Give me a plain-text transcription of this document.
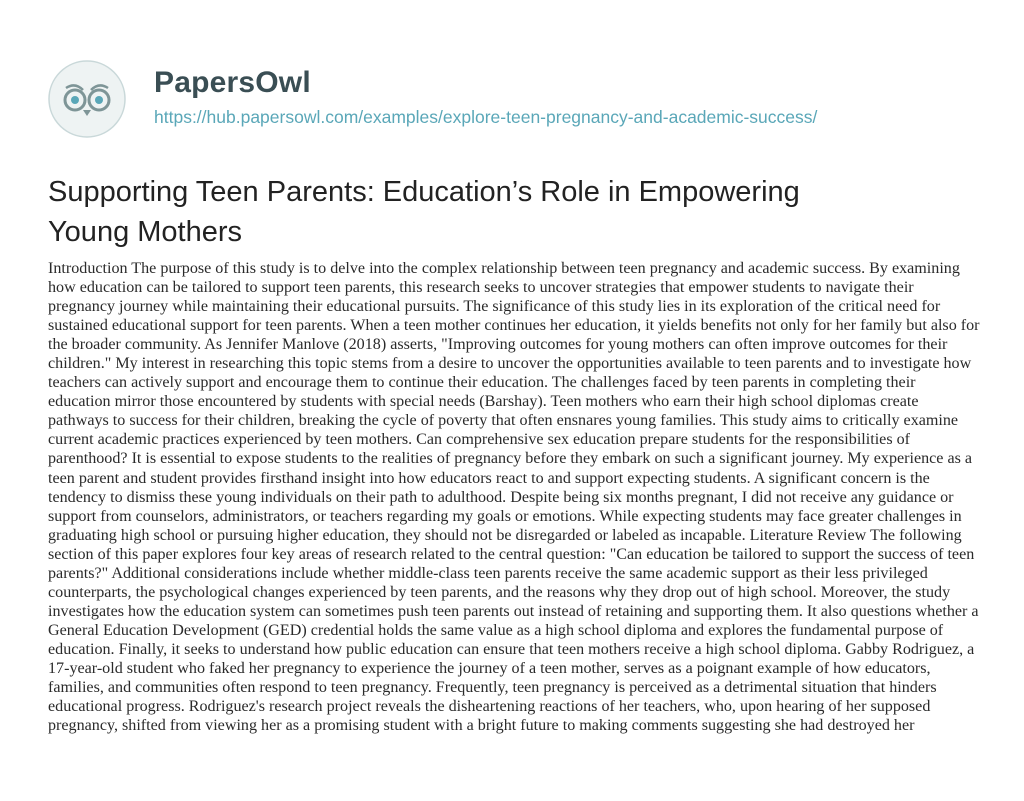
PapersOwl
https://hub.papersowl.com/examples/explore-teen-pregnancy-and-academic-success/
Supporting Teen Parents: Education’s Role in Empowering Young Mothers

Introduction The purpose of this study is to delve into the complex relationship between teen pregnancy and academic success. By examining how education can be tailored to support teen parents, this research seeks to uncover strategies that empower students to navigate their pregnancy journey while maintaining their educational pursuits. The significance of this study lies in its exploration of the critical need for sustained educational support for teen parents. When a teen mother continues her education, it yields benefits not only for her family but also for the broader community. As Jennifer Manlove (2018) asserts, "Improving outcomes for young mothers can often improve outcomes for their children." My interest in researching this topic stems from a desire to uncover the opportunities available to teen parents and to investigate how teachers can actively support and encourage them to continue their education. The challenges faced by teen parents in completing their education mirror those encountered by students with special needs (Barshay). Teen mothers who earn their high school diplomas create pathways to success for their children, breaking the cycle of poverty that often ensnares young families. This study aims to critically examine current academic practices experienced by teen mothers. Can comprehensive sex education prepare students for the responsibilities of parenthood? It is essential to expose students to the realities of pregnancy before they embark on such a significant journey. My experience as a teen parent and student provides firsthand insight into how educators react to and support expecting students. A significant concern is the tendency to dismiss these young individuals on their path to adulthood. Despite being six months pregnant, I did not receive any guidance or support from counselors, administrators, or teachers regarding my goals or emotions. While expecting students may face greater challenges in graduating high school or pursuing higher education, they should not be disregarded or labeled as incapable. Literature Review The following section of this paper explores four key areas of research related to the central question: "Can education be tailored to support the success of teen parents?" Additional considerations include whether middle-class teen parents receive the same academic support as their less privileged counterparts, the psychological changes experienced by teen parents, and the reasons why they drop out of high school. Moreover, the study investigates how the education system can sometimes push teen parents out instead of retaining and supporting them. It also questions whether a General Education Development (GED) credential holds the same value as a high school diploma and explores the fundamental purpose of education. Finally, it seeks to understand how public education can ensure that teen mothers receive a high school diploma. Gabby Rodriguez, a 17-year-old student who faked her pregnancy to experience the journey of a teen mother, serves as a poignant example of how educators, families, and communities often respond to teen pregnancy. Frequently, teen pregnancy is perceived as a detrimental situation that hinders educational progress. Rodriguez's research project reveals the disheartening reactions of her teachers, who, upon hearing of her supposed pregnancy, shifted from viewing her as a promising student with a bright future to making comments suggesting she had destroyed her
